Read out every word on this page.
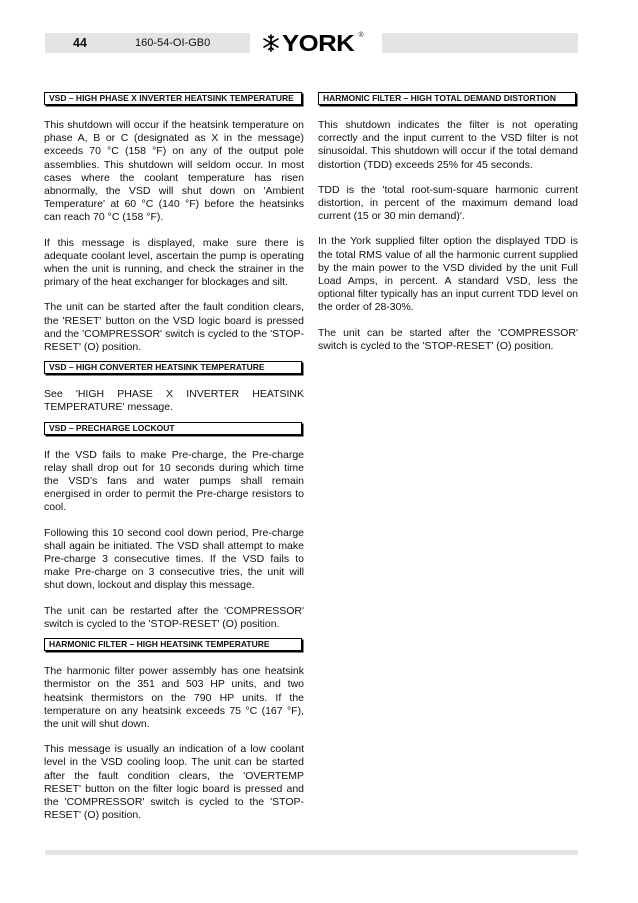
44	160-54-OI-GB0	YORK ®
VSD – HIGH PHASE X INVERTER HEATSINK TEMPERATURE

This shutdown will occur if the heatsink temperature on phase A, B or C (designated as X in the message) exceeds 70 °C (158 °F) on any of the output pole assemblies. This shutdown will seldom occur. In most cases where the coolant temperature has risen abnormally, the VSD will shut down on 'Ambient Temperature' at 60 °C (140 °F) before the heatsinks can reach 70 °C (158 °F).

If this message is displayed, make sure there is adequate coolant level, ascertain the pump is operating when the unit is running, and check the strainer in the primary of the heat exchanger for blockages and silt.

The unit can be started after the fault condition clears, the 'RESET' button on the VSD logic board is pressed and the 'COMPRESSOR' switch is cycled to the 'STOP-RESET' (O) position.

VSD – HIGH CONVERTER HEATSINK TEMPERATURE

See 'HIGH PHASE X INVERTER HEATSINK TEMPERATURE' message.

VSD – PRECHARGE LOCKOUT

If the VSD fails to make Pre-charge, the Pre-charge relay shall drop out for 10 seconds during which time the VSD’s fans and water pumps shall remain energised in order to permit the Pre-charge resistors to cool.

Following this 10 second cool down period, Pre-charge shall again be initiated. The VSD shall attempt to make Pre-charge 3 consecutive times. If the VSD fails to make Pre-charge on 3 consecutive tries, the unit will shut down, lockout and display this message.

The unit can be restarted after the 'COMPRESSOR' switch is cycled to the 'STOP-RESET' (O) position.

HARMONIC FILTER – HIGH HEATSINK TEMPERATURE

The harmonic filter power assembly has one heatsink thermistor on the 351 and 503 HP units, and two heatsink thermistors on the 790 HP units. If the temperature on any heatsink exceeds 75 °C (167 °F), the unit will shut down.

This message is usually an indication of a low coolant level in the VSD cooling loop. The unit can be started after the fault condition clears, the 'OVERTEMP RESET' button on the filter logic board is pressed and the 'COMPRESSOR' switch is cycled to the 'STOP-RESET' (O) position.

HARMONIC FILTER – HIGH TOTAL DEMAND DISTORTION

This shutdown indicates the filter is not operating correctly and the input current to the VSD filter is not sinusoidal. This shutdown will occur if the total demand distortion (TDD) exceeds 25% for 45 seconds.

TDD is the 'total root-sum-square harmonic current distortion, in percent of the maximum demand load current (15 or 30 min demand)'.

In the York supplied filter option the displayed TDD is the total RMS value of all the harmonic current supplied by the main power to the VSD divided by the unit Full Load Amps, in percent. A standard VSD, less the optional filter typically has an input current TDD level on the order of 28-30%.

The unit can be started after the 'COMPRESSOR' switch is cycled to the 'STOP-RESET' (O) position.
